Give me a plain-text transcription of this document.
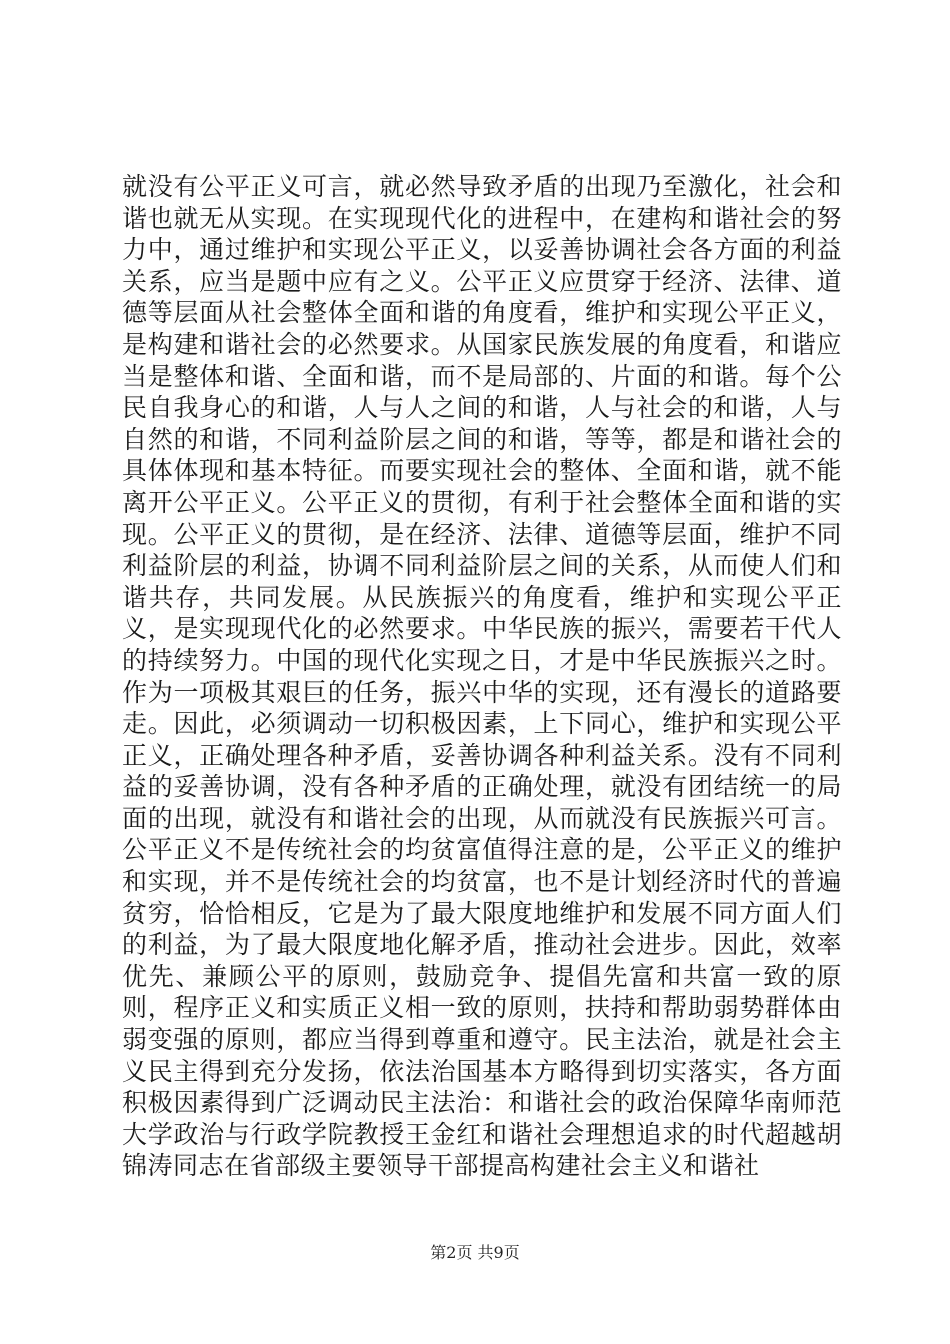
就没有公平正义可言，就必然导致矛盾的出现乃至激化，社会和谐也就无从实现。在实现现代化的进程中，在建构和谐社会的努力中，通过维护和实现公平正义，以妥善协调社会各方面的利益关系，应当是题中应有之义。公平正义应贯穿于经济、法律、道德等层面从社会整体全面和谐的角度看，维护和实现公平正义，是构建和谐社会的必然要求。从国家民族发展的角度看，和谐应当是整体和谐、全面和谐，而不是局部的、片面的和谐。每个公民自我身心的和谐，人与人之间的和谐，人与社会的和谐，人与自然的和谐，不同利益阶层之间的和谐，等等，都是和谐社会的具体体现和基本特征。而要实现社会的整体、全面和谐，就不能离开公平正义。公平正义的贯彻，有利于社会整体全面和谐的实现。公平正义的贯彻，是在经济、法律、道德等层面，维护不同利益阶层的利益，协调不同利益阶层之间的关系，从而使人们和谐共存，共同发展。从民族振兴的角度看，维护和实现公平正义，是实现现代化的必然要求。中华民族的振兴，需要若干代人的持续努力。中国的现代化实现之日，才是中华民族振兴之时。作为一项极其艰巨的任务，振兴中华的实现，还有漫长的道路要走。因此，必须调动一切积极因素，上下同心，维护和实现公平正义，正确处理各种矛盾，妥善协调各种利益关系。没有不同利益的妥善协调，没有各种矛盾的正确处理，就没有团结统一的局面的出现，就没有和谐社会的出现，从而就没有民族振兴可言。公平正义不是传统社会的均贫富值得注意的是，公平正义的维护和实现，并不是传统社会的均贫富，也不是计划经济时代的普遍贫穷，恰恰相反，它是为了最大限度地维护和发展不同方面人们的利益，为了最大限度地化解矛盾，推动社会进步。因此，效率优先、兼顾公平的原则，鼓励竞争、提倡先富和共富一致的原则，程序正义和实质正义相一致的原则，扶持和帮助弱势群体由弱变强的原则，都应当得到尊重和遵守。民主法治，就是社会主义民主得到充分发扬，依法治国基本方略得到切实落实，各方面积极因素得到广泛调动民主法治：和谐社会的政治保障华南师范大学政治与行政学院教授王金红和谐社会理想追求的时代超越胡锦涛同志在省部级主要领导干部提高构建社会主义和谐社

第2页 共9页
